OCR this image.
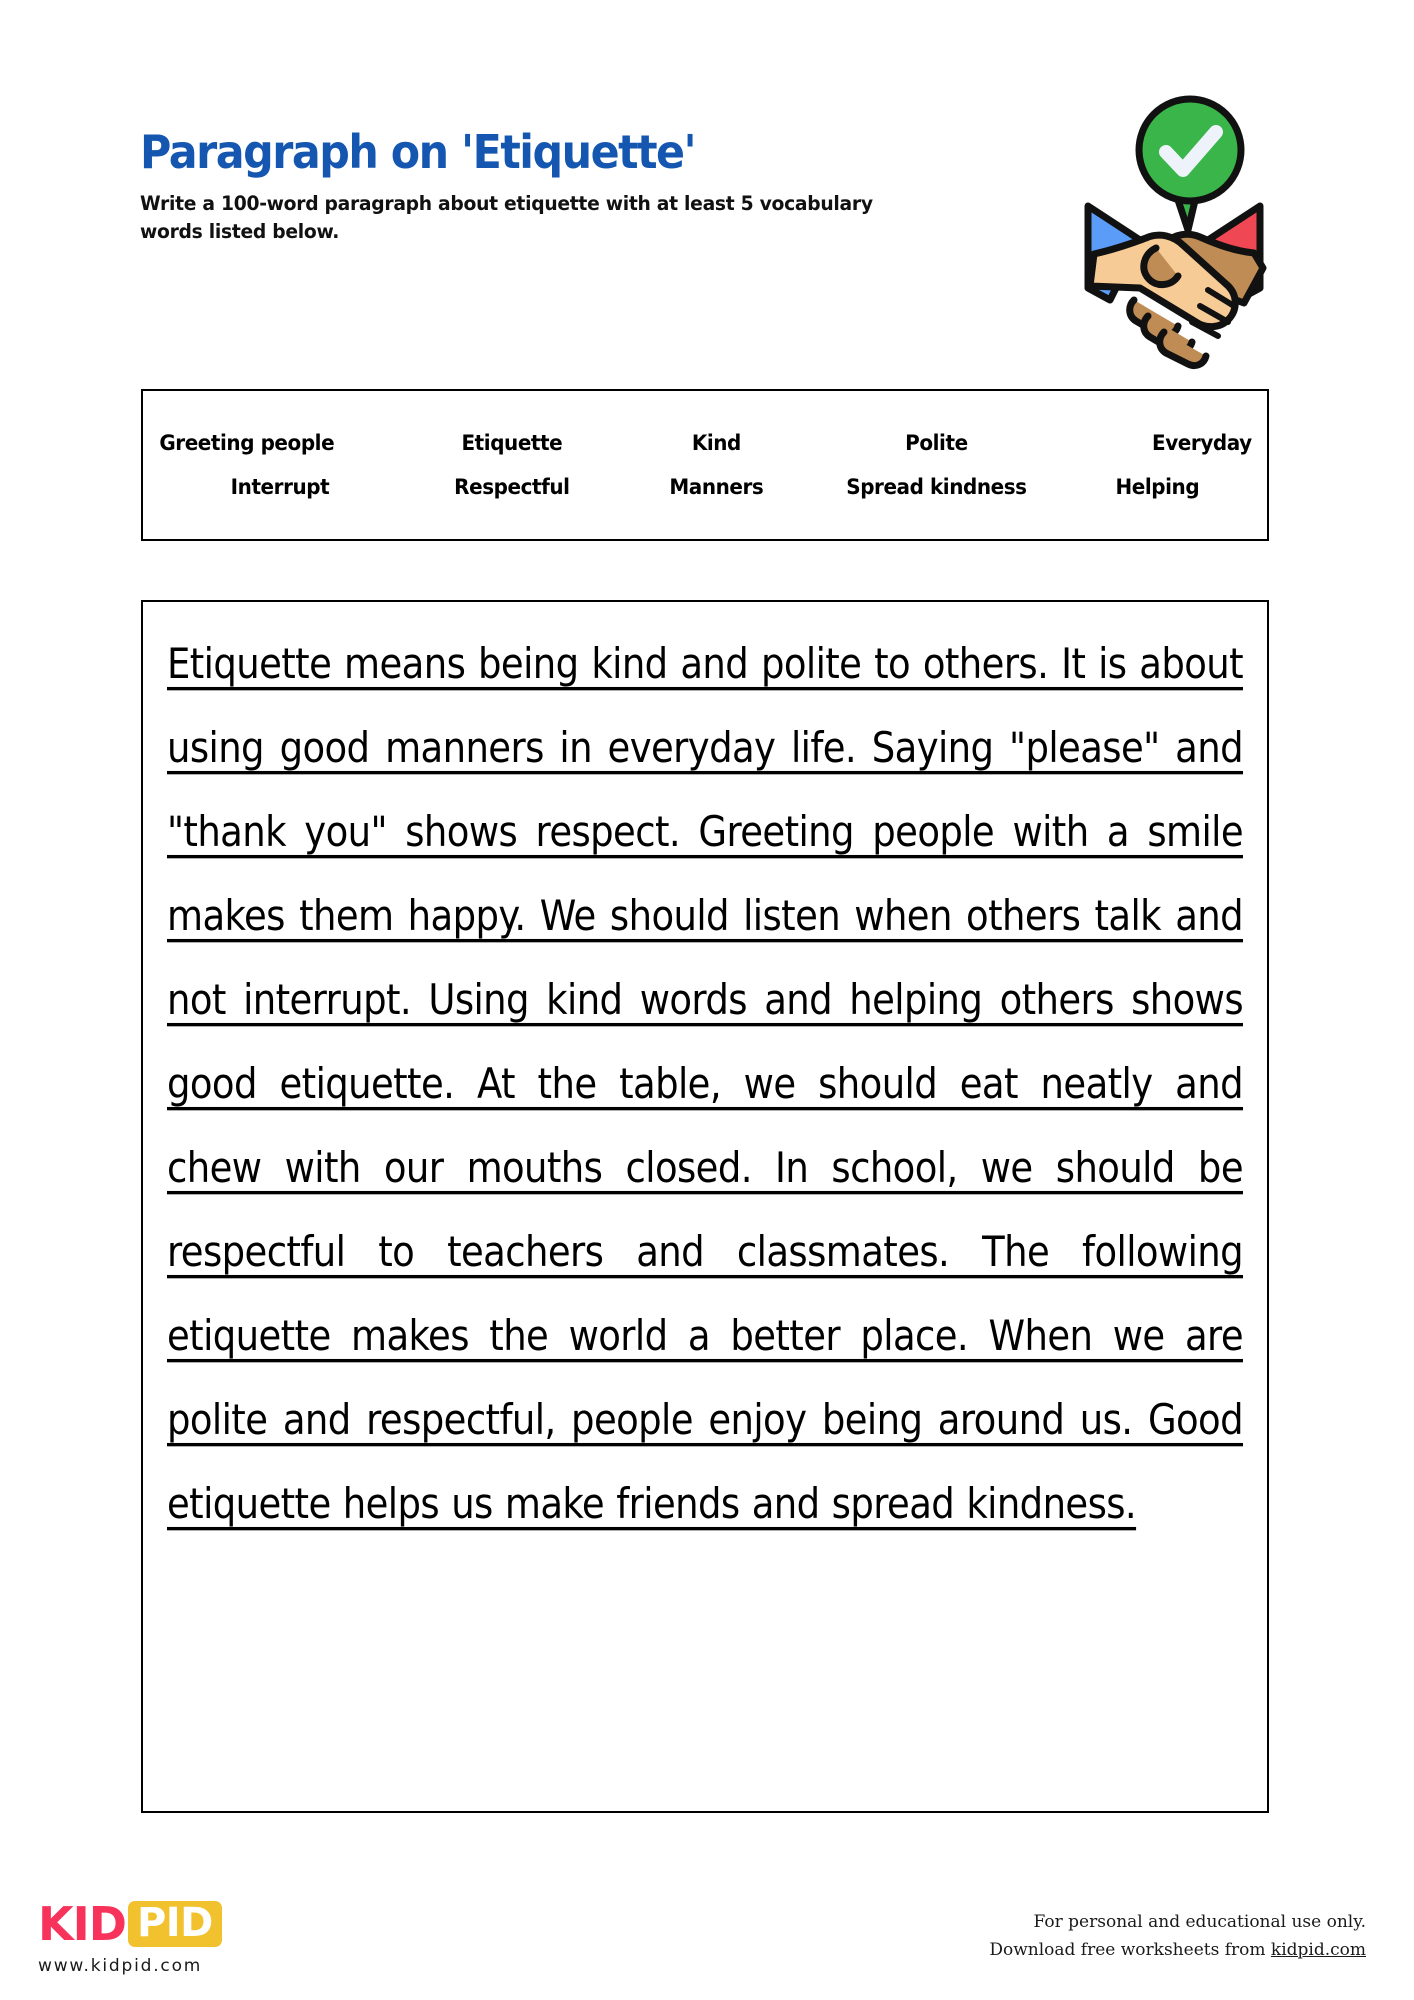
Paragraph on 'Etiquette'

Write a 100-word paragraph about etiquette with at least 5 vocabulary words listed below.

Greeting people	Etiquette	Kind	Polite	Everyday
Interrupt	Respectful	Manners	Spread kindness	Helping
Etiquette means being kind and polite to others. It is about using good manners in everyday life. Saying "please" and "thank you" shows respect. Greeting people with a smile makes them happy. We should listen when others talk and not interrupt. Using kind words and helping others shows good etiquette. At the table, we should eat neatly and chew with our mouths closed. In school, we should be respectful to teachers and classmates. The following etiquette makes the world a better place. When we are polite and respectful, people enjoy being around us. Good etiquette helps us make friends and spread kindness.
KID PID
www.kidpid.com
For personal and educational use only.
Download free worksheets from kidpid.com
